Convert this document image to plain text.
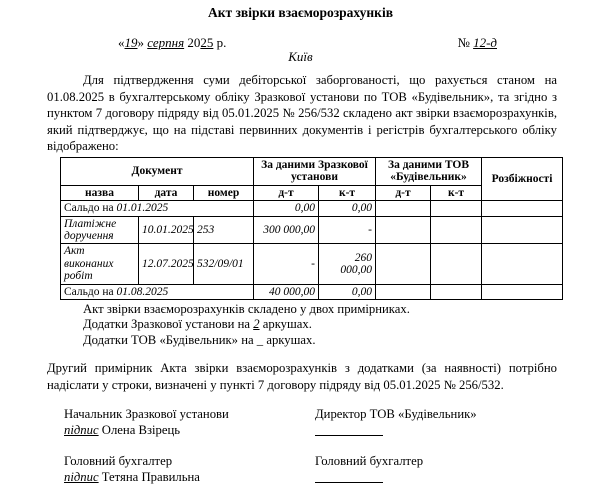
Акт звірки взаєморозрахунків
«19» серпня 2025 р.	№ 12-д
Київ
Для підтвердження суми дебіторської заборгованості, що рахується станом на 01.08.2025 в бухгалтерському обліку Зразкової установи по ТОВ «Будівельник», та згідно з пунктом 7 договору підряду від 05.01.2025 № 256/532 складено акт звірки взаєморозрахунків, який підтверджує, що на підставі первинних документів і регістрів бухгалтерського обліку відображено:
Документ			За даними Зразкової установи		За даними ТОВ «Будівельник»		Розбіжності
назва	дата	номер	д-т	к-т	д-т	к-т	
Сальдо на 01.01.2025			0,00	0,00			
Платіжне доручення	10.01.2025	253	300 000,00	-			
Акт виконаних робіт	12.07.2025	532/09/01	-	260 000,00			
Сальдо на 01.08.2025			40 000,00	0,00			
Акт звірки взаєморозрахунків складено у двох примірниках.
Додатки Зразкової установи на 2 аркушах.
Додатки ТОВ «Будівельник» на _ аркушах.
Другий примірник Акта звірки взаєморозрахунків з додатками (за наявності) потрібно надіслати у строки, визначені у пункті 7 договору підряду від 05.01.2025 № 256/532.
Начальник Зразкової установи	Директор ТОВ «Будівельник»
підпис Олена Взірець
Головний бухгалтер	Головний бухгалтер
підпис Тетяна Правильна
